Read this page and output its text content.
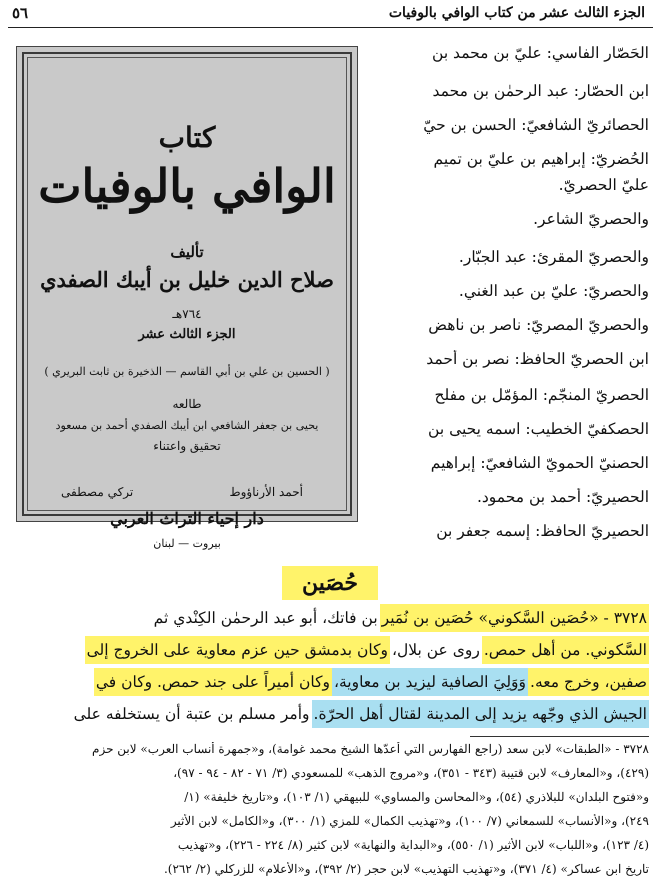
٥٦	الجزء الثالث عشر من كتاب الوافي بالوفيات
كتاب
الوافي بالوفيات
تأليف
صلاح الدين خليل بن أيبك الصفدي
٧٦٤هـ
الجزء الثالث عشر
( الحسين بن علي بن أبي القاسم — الذخيرة بن ثابت البريري )
طالعه
يحيى بن جعفر الشافعي ابن أيبك الصفدي أحمد بن مسعود
تحقيق واعتناء
أحمد الأرناؤوط
تركي مصطفى
دار إحياء التراث العربي
بيروت — لبنان
الحَصّار الفاسي: عليّ بن محمد بن
ابن الحصّار: عبد الرحمٰن بن محمد
الحصائريّ الشافعيّ: الحسن بن حيّ
الحُضريّ: إبراهيم بن عليّ بن تميم
عليّ الحصريّ.
والحصريّ الشاعر.
والحصريّ المقرئ: عبد الجبّار.
والحصريّ: عليّ بن عبد الغني.
والحصريّ المصريّ: ناصر بن ناهض
ابن الحصريّ الحافظ: نصر بن أحمد
الحصريّ المنجّم: المؤمّل بن مفلح
الحصكفيّ الخطيب: اسمه يحيى بن
الحصنيّ الحمويّ الشافعيّ: إبراهيم
الحصيريّ: أحمد بن محمود.
الحصيريّ الحافظ: إسمه جعفر بن
حُصَين
٣٧٢٨ - «حُصَين السَّكوني» حُصَين بن نُمَيربن فاتك، أبو عبد الرحمٰن الكِنْدي ثم
السَّكوني. من أهل حمص.روى عن بلال،وكان بدمشق حين عزم معاوية على الخروج إلى
صفين، وخرج معه.وَوَلِيَ الصافية ليزيد بن معاوية،وكان أميراً على جند حمص. وكان في
الجيش الذي وجّهه يزيد إلى المدينة لقتال أهل الحرّة.وأمر مسلم بن عتبة أن يستخلفه على
٣٧٢٨ - «الطبقات» لابن سعد (راجع الفهارس التي أعدّها الشيخ محمد غوامة)، و«جمهرة أنساب العرب» لابن حزم
(٤٢٩)، و«المعارف» لابن قتيبة (٣٤٣ - ٣٥١)، و«مروج الذهب» للمسعودي (٣/ ٧١ - ٨٢ - ٩٤ - ٩٧)،
و«فتوح البلدان» للبلاذري (٥٤)، و«المحاسن والمساوي» للبيهقي (١/ ١٠٣)، و«تاريخ خليفة» (١/
٢٤٩)، و«الأنساب» للسمعاني (٧/ ١٠٠)، و«تهذيب الكمال» للمزي (١/ ٣٠٠)، و«الكامل» لابن الأثير
(٤/ ١٢٣)، و«اللباب» لابن الأثير (١/ ٥٥٠)، و«البداية والنهاية» لابن كثير (٨/ ٢٢٤ - ٢٢٦)، و«تهذيب
تاريخ ابن عساكر» (٤/ ٣٧١)، و«تهذيب التهذيب» لابن حجر (٢/ ٣٩٢)، و«الأعلام» للزركلي (٢/ ٢٦٢).
